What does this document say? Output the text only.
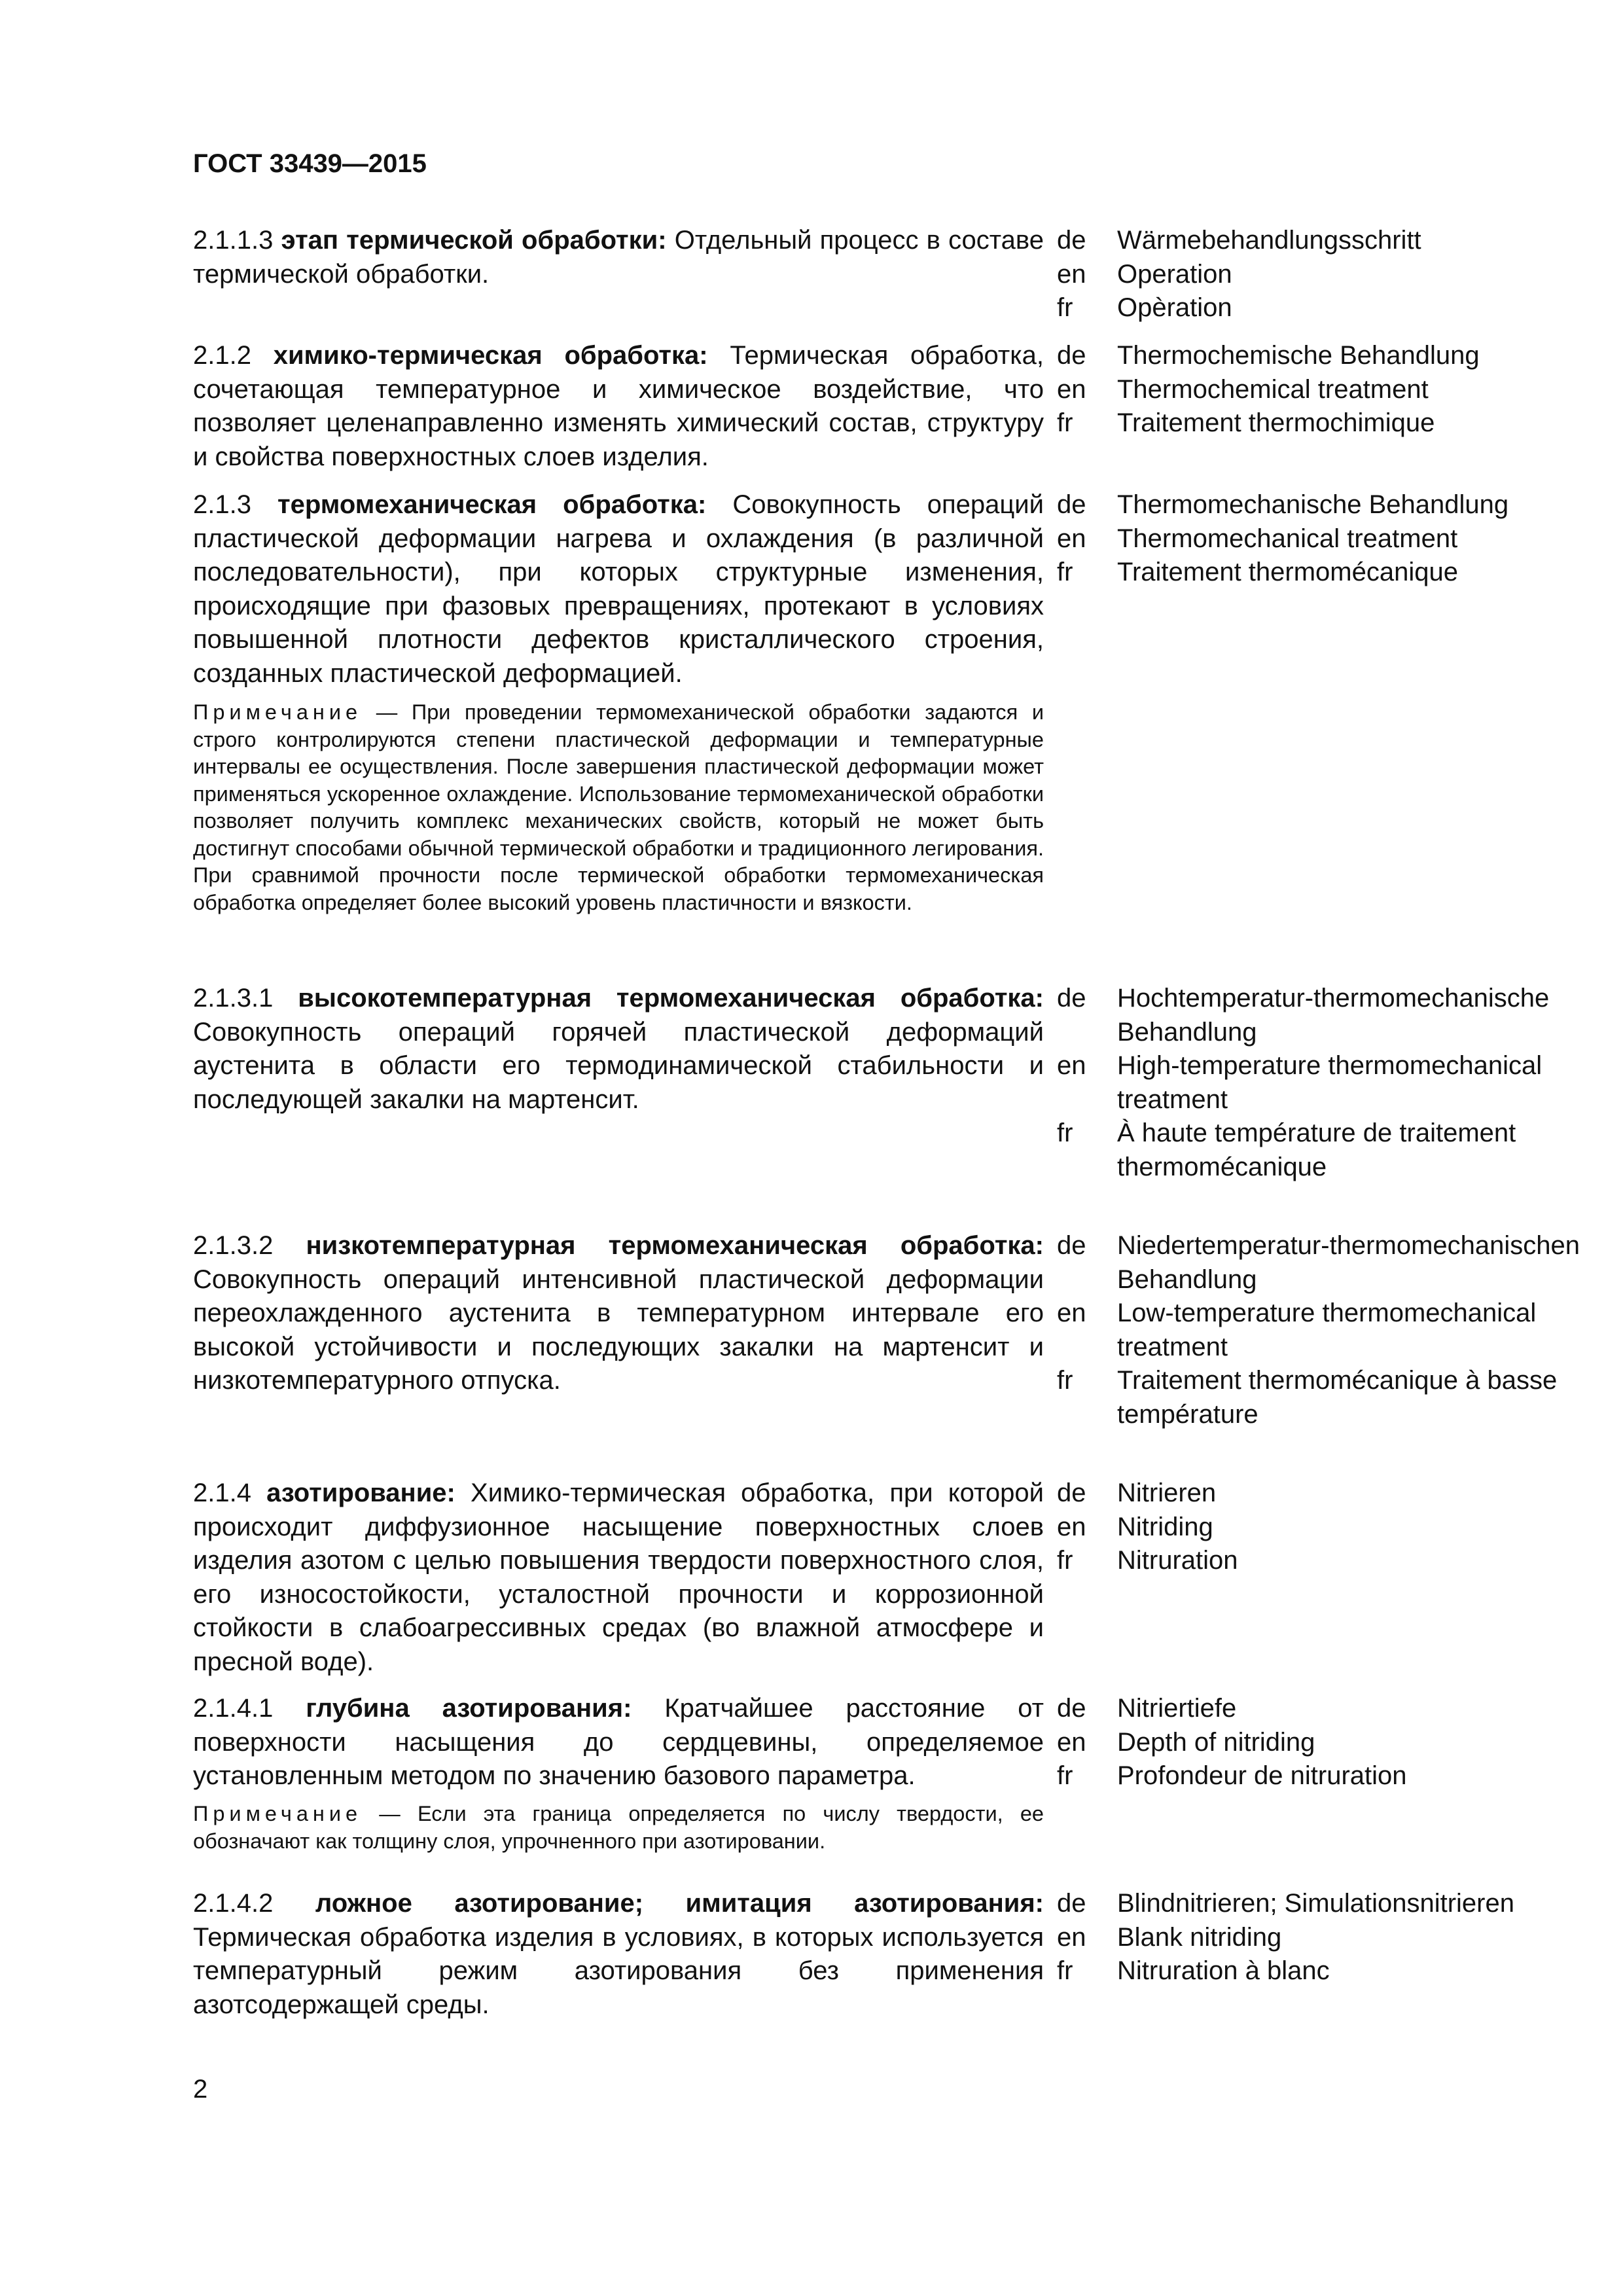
ГОСТ 33439—2015
2.1.1.3 этап термической обработки: Отдельный процесс в составе термической обработки.
de	Wärmebehandlungsschritt
en	Operation
fr	Opèration
2.1.2 химико-термическая обработка: Термическая обработка, сочетающая температурное и химическое воздействие, что позволяет целенаправленно изменять химический состав, структуру и свойства поверхностных слоев изделия.
de	Thermochemische Behandlung
en	Thermochemical treatment
fr	Traitement thermochimique
2.1.3 термомеханическая обработка: Совокупность операций пластической деформации нагрева и охлаждения (в различной последовательности), при которых структурные изменения, происходящие при фазовых превращениях, протекают в условиях повышенной плотности дефектов кристаллического строения, созданных пластической деформацией.
Примечание — При проведении термомеханической обработки задаются и строго контролируются степени пластической деформации и температурные интервалы ее осуществления. После завершения пластической деформации может применяться ускоренное охлаждение. Использование термомеханической обработки позволяет получить комплекс механических свойств, который не может быть достигнут способами обычной термической обработки и традиционного легирования. При сравнимой прочности после термической обработки термомеханическая обработка определяет более высокий уровень пластичности и вязкости.
de	Thermomechanische Behandlung
en	Thermomechanical treatment
fr	Traitement thermomécanique
2.1.3.1 высокотемпературная термомеханическая обработка: Совокупность операций горячей пластической деформаций аустенита в области его термодинамической стабильности и последующей закалки на мартенсит.
de	Hochtemperatur-thermomechanische Behandlung
en	High-temperature thermomechanical treatment
fr	À haute température de traitement thermomécanique
2.1.3.2 низкотемпературная термомеханическая обработка: Совокупность операций интенсивной пластической деформации переохлажденного аустенита в температурном интервале его высокой устойчивости и последующих закалки на мартенсит и низкотемпературного отпуска.
de	Niedertemperatur-thermomechanischen Behandlung
en	Low-temperature thermomechanical treatment
fr	Traitement thermomécanique à basse température
2.1.4 азотирование: Химико-термическая обработка, при которой происходит диффузионное насыщение поверхностных слоев изделия азотом с целью повышения твердости поверхностного слоя, его износостойкости, усталостной прочности и коррозионной стойкости в слабоагрессивных средах (во влажной атмосфере и пресной воде).
de	Nitrieren
en	Nitriding
fr	Nitruration
2.1.4.1 глубина азотирования: Кратчайшее расстояние от поверхности насыщения до сердцевины, определяемое установленным методом по значению базового параметра.
Примечание — Если эта граница определяется по числу твердости, ее обозначают как толщину слоя, упрочненного при азотировании.
de	Nitriertiefe
en	Depth of nitriding
fr	Profondeur de nitruration
2.1.4.2 ложное азотирование; имитация азотирования: Термическая обработка изделия в условиях, в которых используется температурный режим азотирования без применения азотсодержащей среды.
de	Blindnitrieren; Simulationsnitrieren
en	Blank nitriding
fr	Nitruration à blanc
2
